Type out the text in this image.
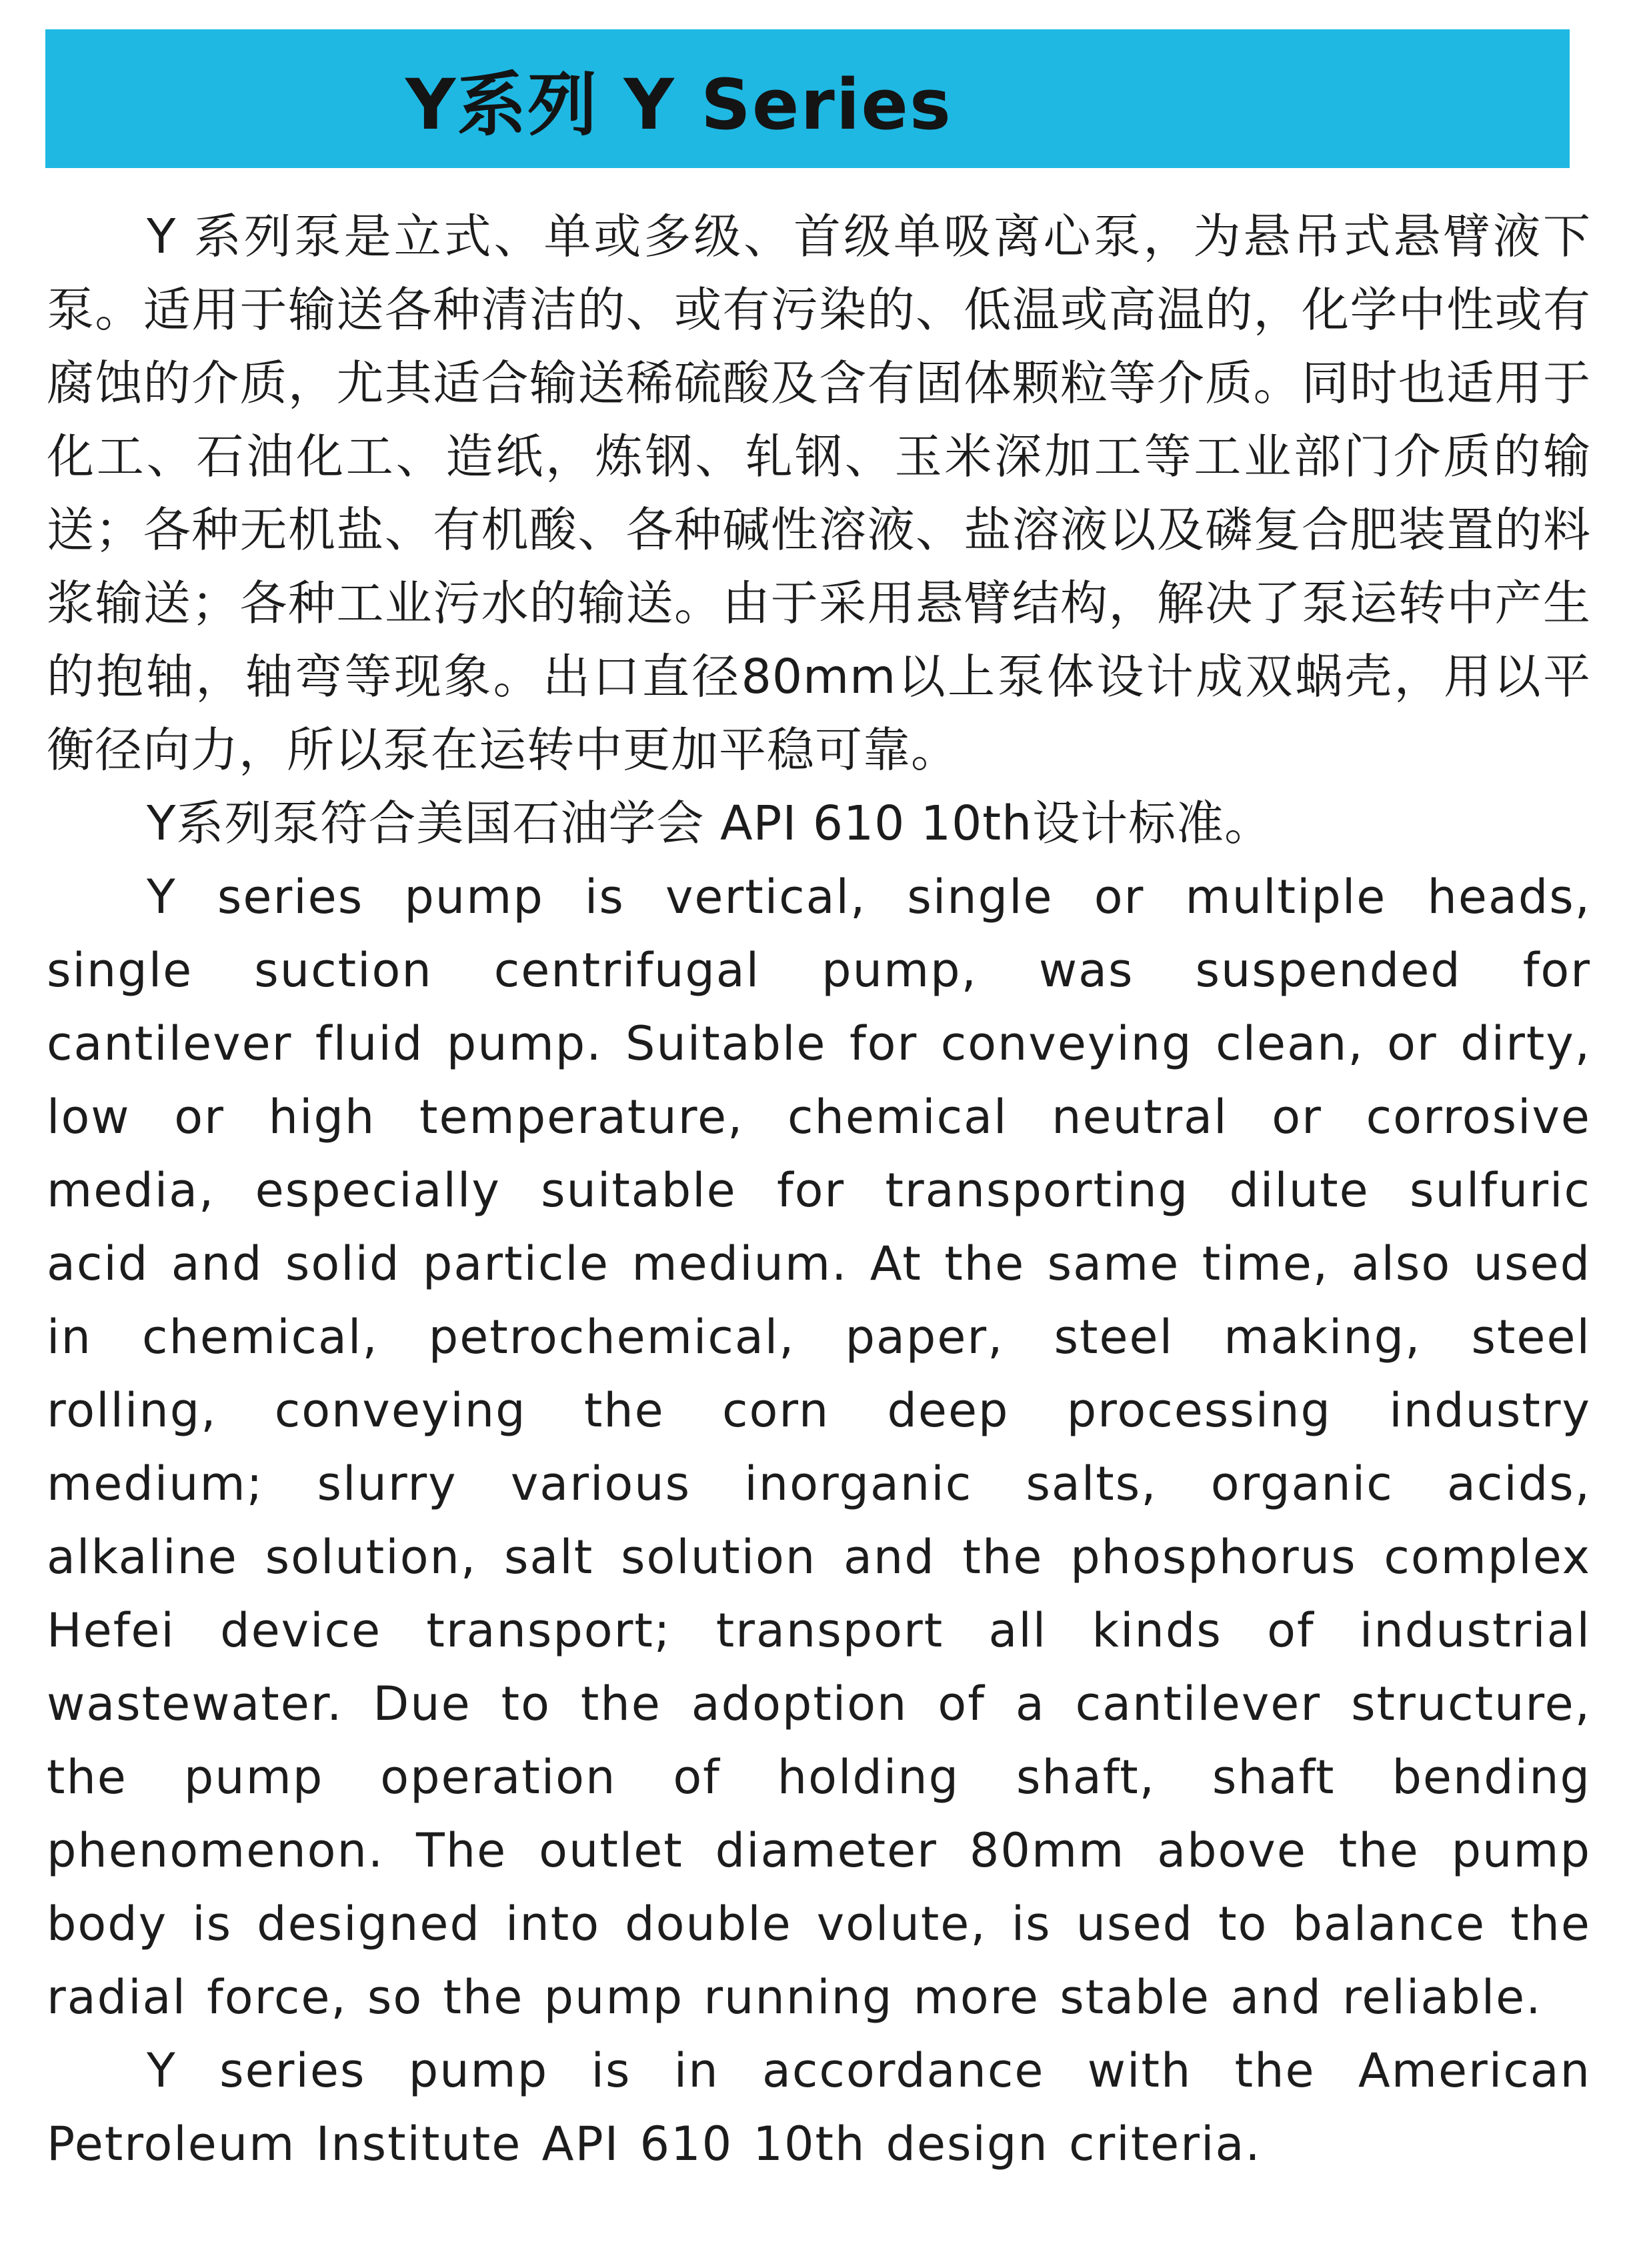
Y系列 Y Series

Y 系列泵是立式、单或多级、首级单吸离心泵，为悬吊式悬臂液下泵。适用于输送各种清洁的、或有污染的、低温或高温的，化学中性或有腐蚀的介质，尤其适合输送稀硫酸及含有固体颗粒等介质。同时也适用于化工、石油化工、造纸，炼钢、轧钢、玉米深加工等工业部门介质的输送；各种无机盐、有机酸、各种碱性溶液、盐溶液以及磷复合肥装置的料浆输送；各种工业污水的输送。由于采用悬臂结构，解决了泵运转中产生的抱轴，轴弯等现象。出口直径80mm以上泵体设计成双蜗壳，用以平衡径向力，所以泵在运转中更加平稳可靠。

Y系列泵符合美国石油学会 API 610 10th设计标准。

Y series pump is vertical, single or multiple heads, single suction centrifugal pump, was suspended for cantilever fluid pump. Suitable for conveying clean, or dirty, low or high temperature, chemical neutral or corrosive media, especially suitable for transporting dilute sulfuric acid and solid particle medium. At the same time, also used in chemical, petrochemical, paper, steel making, steel rolling, conveying the corn deep processing industry medium; slurry various inorganic salts, organic acids, alkaline solution, salt solution and the phosphorus complex Hefei device transport; transport all kinds of industrial wastewater. Due to the adoption of a cantilever structure, the pump operation of holding shaft, shaft bending phenomenon. The outlet diameter 80mm above the pump body is designed into double volute, is used to balance the radial force, so the pump running more stable and reliable.

Y series pump is in accordance with the American Petroleum Institute API 610 10th design criteria.
